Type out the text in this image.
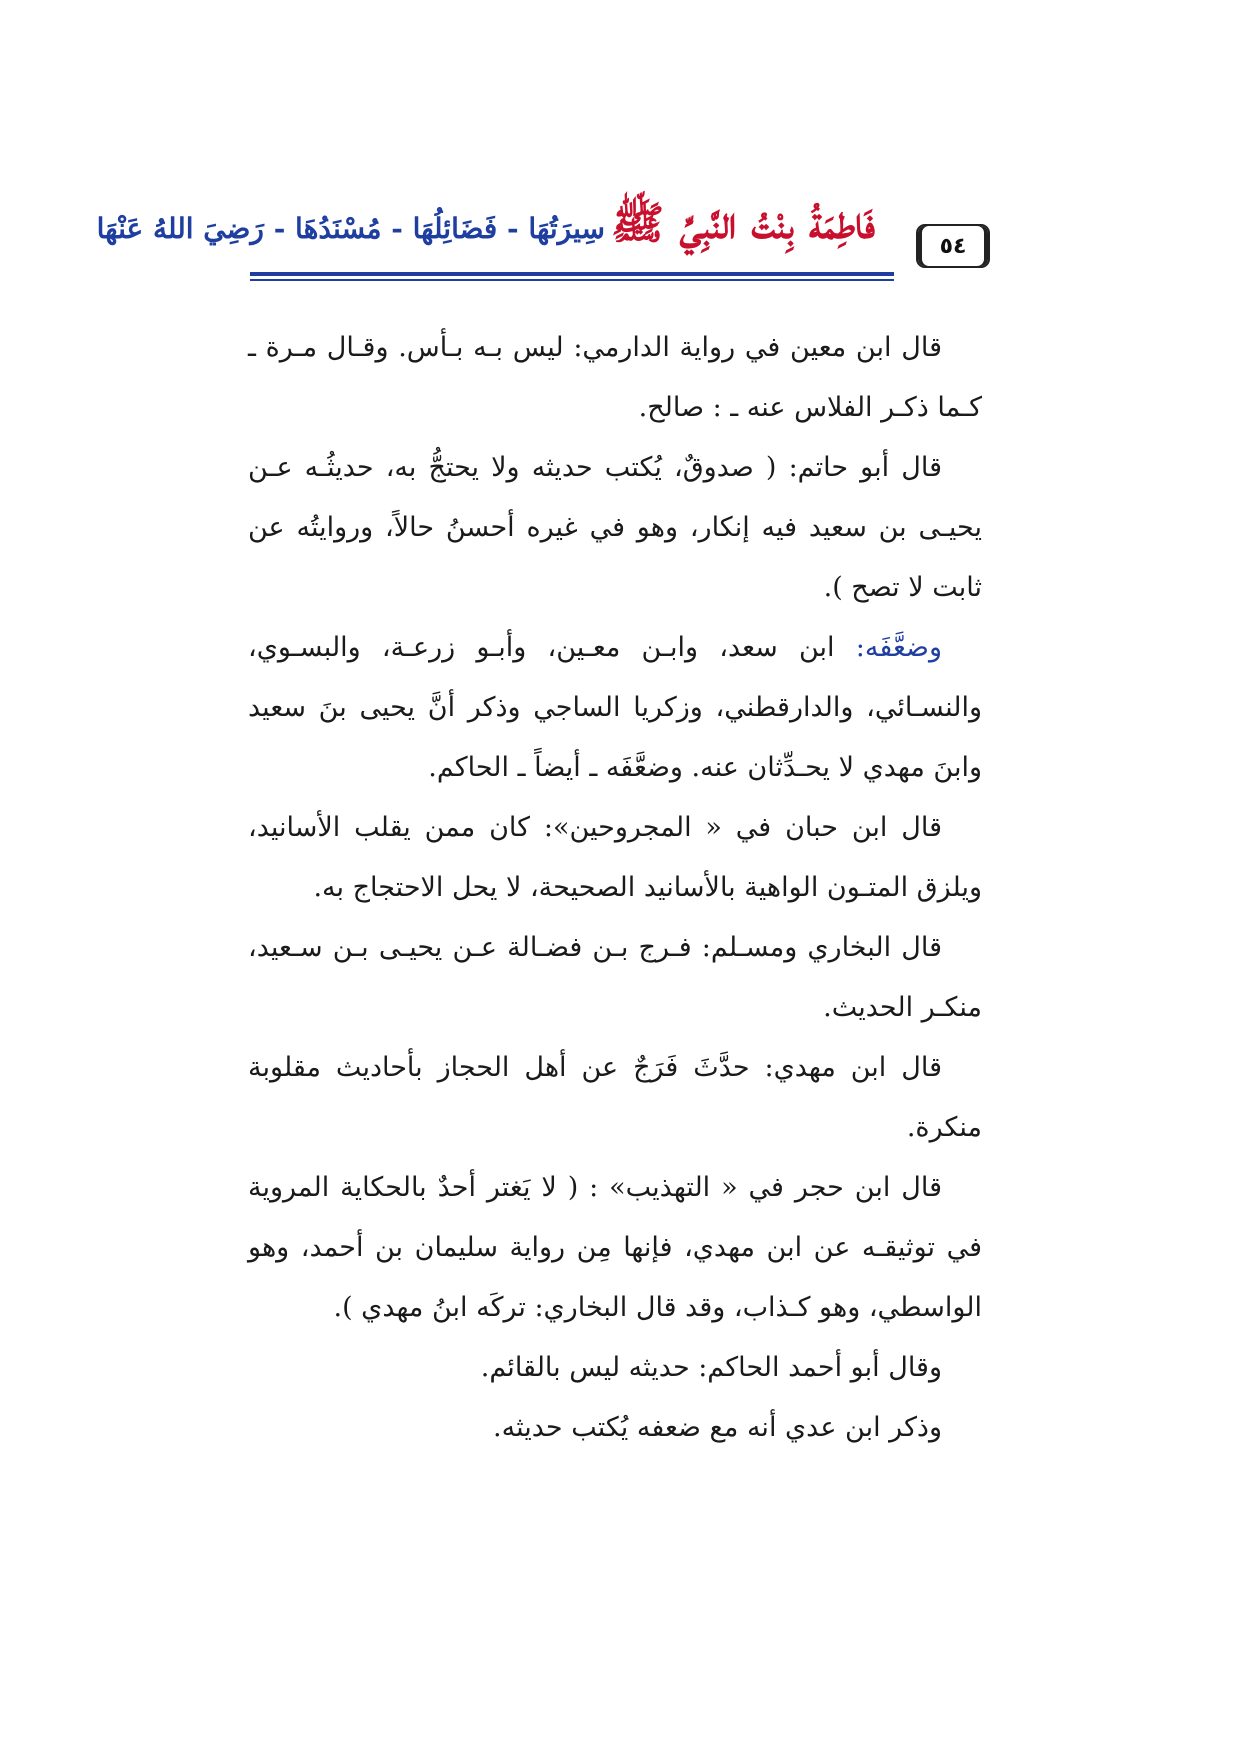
فَاطِمَةُ بِنْتُ النَّبِيِّ ﷺسِيرَتُهَا - فَضَائِلُهَا - مُسْنَدُهَا - رَضِيَ اللهُ عَنْهَا
٥٤

قال ابن معين في رواية الدارمي: ليس بـه بـأس. وقـال مـرة ـ كـما ذكـر الفلاس عنه ـ : صالح.

قال أبو حاتم: ( صدوقٌ، يُكتب حديثه ولا يحتجُّ به، حديثُـه عـن يحيـى بن سعيد فيه إنكار، وهو في غيره أحسنُ حالاً، وروايتُه عن ثابت لا تصح ).

وضعَّفَه: ابن سعد، وابـن معـين، وأبـو زرعـة، والبسـوي، والنسـائي، والدارقطني، وزكريا الساجي وذكر أنَّ يحيى بنَ سعيد وابنَ مهدي لا يحـدِّثان عنه. وضعَّفَه ـ أيضاً ـ الحاكم.

قال ابن حبان في « المجروحين»: كان ممن يقلب الأسانيد، ويلزق المتـون الواهية بالأسانيد الصحيحة، لا يحل الاحتجاج به.

قال البخاري ومسـلم: فـرج بـن فضـالة عـن يحيـى بـن سـعيد، منكـر الحديث.

قال ابن مهدي: حدَّثَ فَرَجٌ عن أهل الحجاز بأحاديث مقلوبة منكرة.

قال ابن حجر في « التهذيب» : ( لا يَغتر أحدٌ بالحكاية المروية في توثيقـه عن ابن مهدي، فإنها مِن رواية سليمان بن أحمد، وهو الواسطي، وهو كـذاب، وقد قال البخاري: تركَه ابنُ مهدي ).

وقال أبو أحمد الحاكم: حديثه ليس بالقائم.

وذكر ابن عدي أنه مع ضعفه يُكتب حديثه.
